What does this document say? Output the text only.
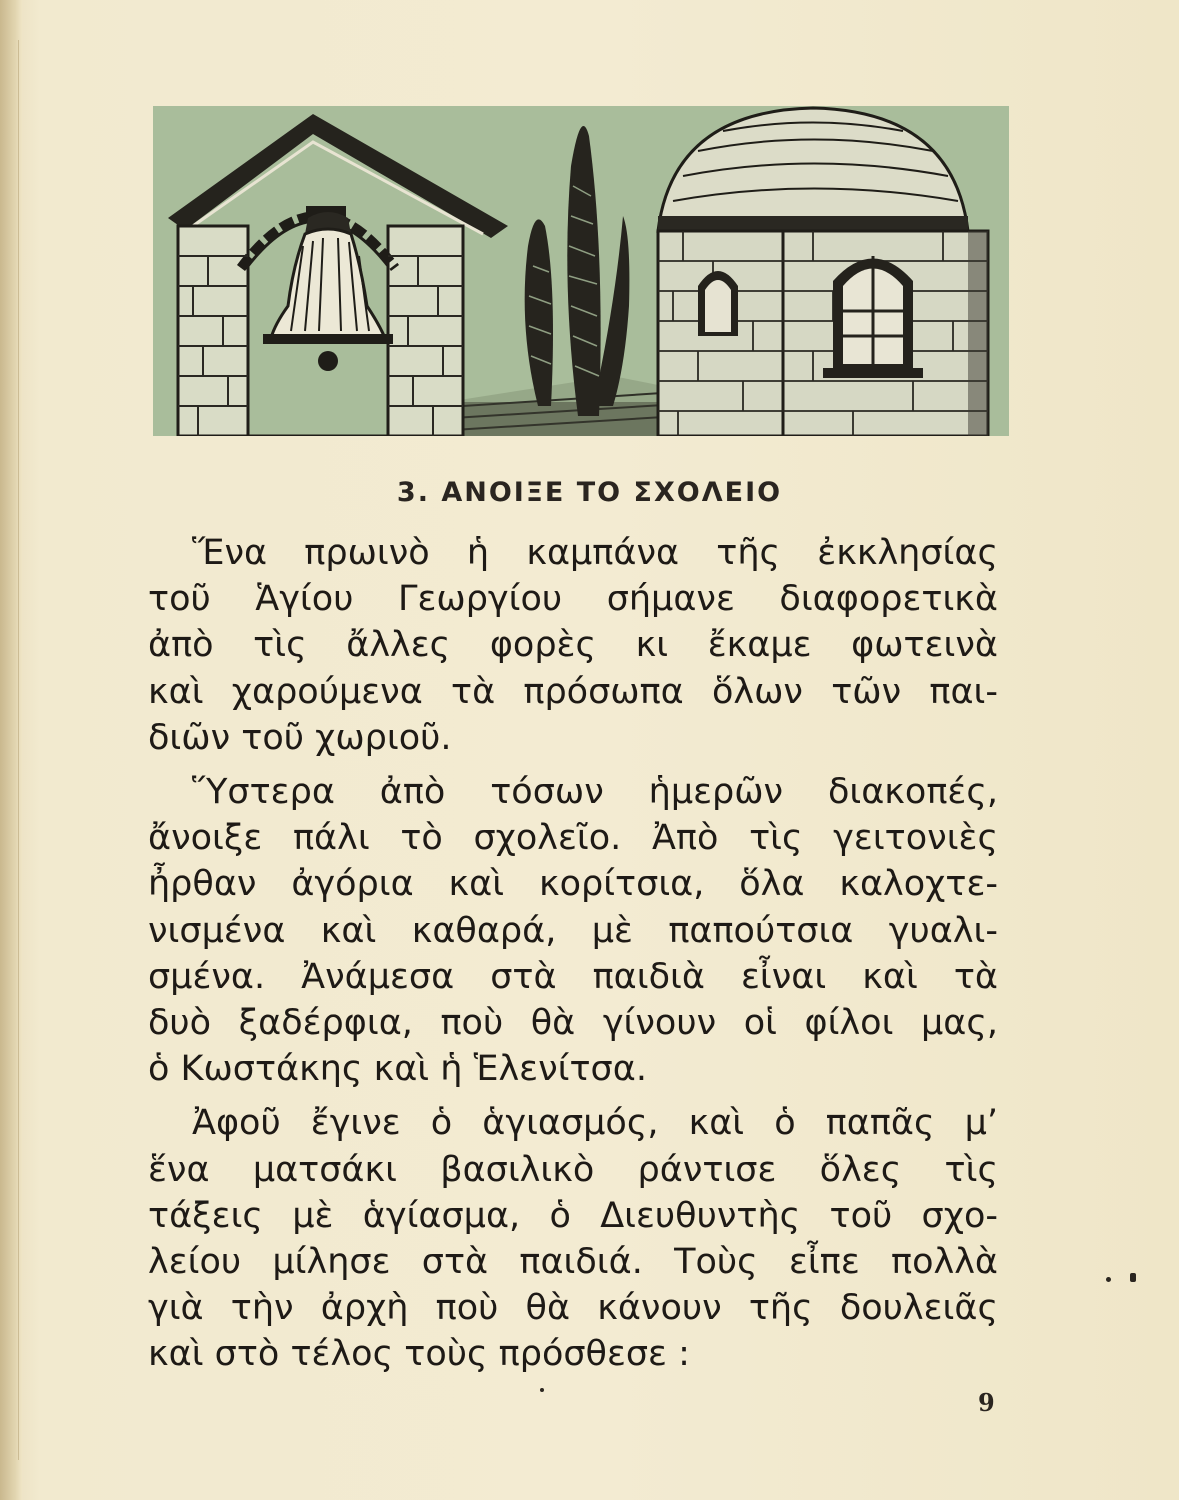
3. ΑΝΟΙΞΕ ΤΟ ΣΧΟΛΕΙΟ

Ἕνα πρωινὸ ἡ καμπάνα τῆς ἐκκλησίας
τοῦ Ἁγίου Γεωργίου σήμανε διαφορετικὰ
ἀπὸ τὶς ἄλλες φορὲς κι ἔκαμε φωτεινὰ
καὶ χαρούμενα τὰ πρόσωπα ὅλων τῶν παι-
διῶν τοῦ χωριοῦ.

Ὕστερα ἀπὸ τόσων ἡμερῶν διακοπές,
ἄνοιξε πάλι τὸ σχολεῖο. Ἀπὸ τὶς γειτονιὲς
ἦρθαν ἀγόρια καὶ κορίτσια, ὅλα καλοχτε-
νισμένα καὶ καθαρά, μὲ παπούτσια γυαλι-
σμένα. Ἀνάμεσα στὰ παιδιὰ εἶναι καὶ τὰ
δυὸ ξαδέρφια, ποὺ θὰ γίνουν οἱ φίλοι μας,
ὁ Κωστάκης καὶ ἡ Ἑλενίτσα.

Ἀφοῦ ἔγινε ὁ ἁγιασμός, καὶ ὁ παπᾶς μ’
ἕνα ματσάκι βασιλικὸ ράντισε ὅλες τὶς
τάξεις μὲ ἁγίασμα, ὁ Διευθυντὴς τοῦ σχο-
λείου μίλησε στὰ παιδιά. Τοὺς εἶπε πολλὰ
γιὰ τὴν ἀρχὴ ποὺ θὰ κάνουν τῆς δουλειᾶς
καὶ στὸ τέλος τοὺς πρόσθεσε :

9
